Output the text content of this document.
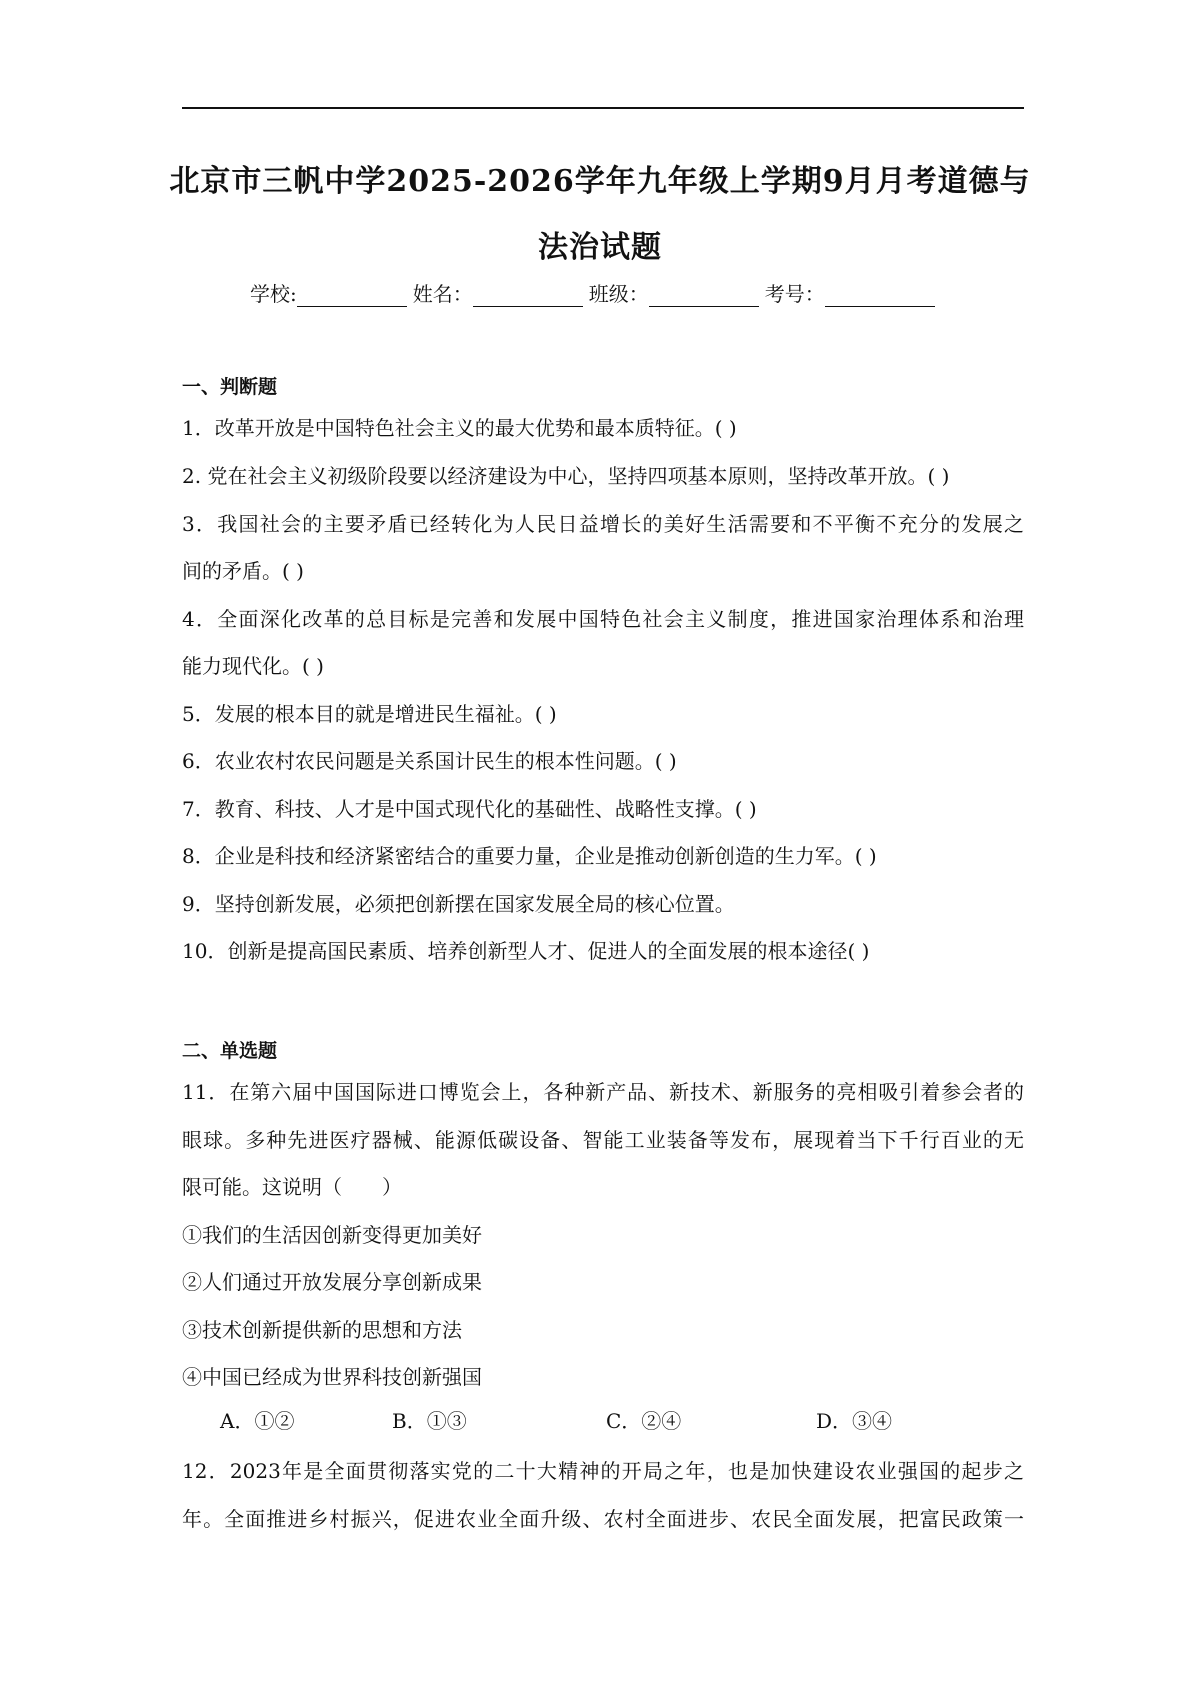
北京市三帆中学2025-2026学年九年级上学期9月月考道德与
法治试题
学校:	姓名：	班级：	考号：
一、判断题
1．改革开放是中国特色社会主义的最大优势和最本质特征。( )
2. 党在社会主义初级阶段要以经济建设为中心，坚持四项基本原则，坚持改革开放。( )
3．我国社会的主要矛盾已经转化为人民日益增长的美好生活需要和不平衡不充分的发展之
间的矛盾。( )
4．全面深化改革的总目标是完善和发展中国特色社会主义制度，推进国家治理体系和治理
能力现代化。( )
5．发展的根本目的就是增进民生福祉。( )
6．农业农村农民问题是关系国计民生的根本性问题。( )
7．教育、科技、人才是中国式现代化的基础性、战略性支撑。( )
8．企业是科技和经济紧密结合的重要力量，企业是推动创新创造的生力军。( )
9．坚持创新发展，必须把创新摆在国家发展全局的核心位置。
10．创新是提高国民素质、培养创新型人才、促进人的全面发展的根本途径( )
二、单选题
11．在第六届中国国际进口博览会上，各种新产品、新技术、新服务的亮相吸引着参会者的
眼球。多种先进医疗器械、能源低碳设备、智能工业装备等发布，展现着当下千行百业的无
限可能。这说明（　　）
①我们的生活因创新变得更加美好
②人们通过开放发展分享创新成果
③技术创新提供新的思想和方法
④中国已经成为世界科技创新强国
A．①②	B．①③	C．②④	D．③④
12．2023年是全面贯彻落实党的二十大精神的开局之年，也是加快建设农业强国的起步之
年。全面推进乡村振兴，促进农业全面升级、农村全面进步、农民全面发展，把富民政策一
